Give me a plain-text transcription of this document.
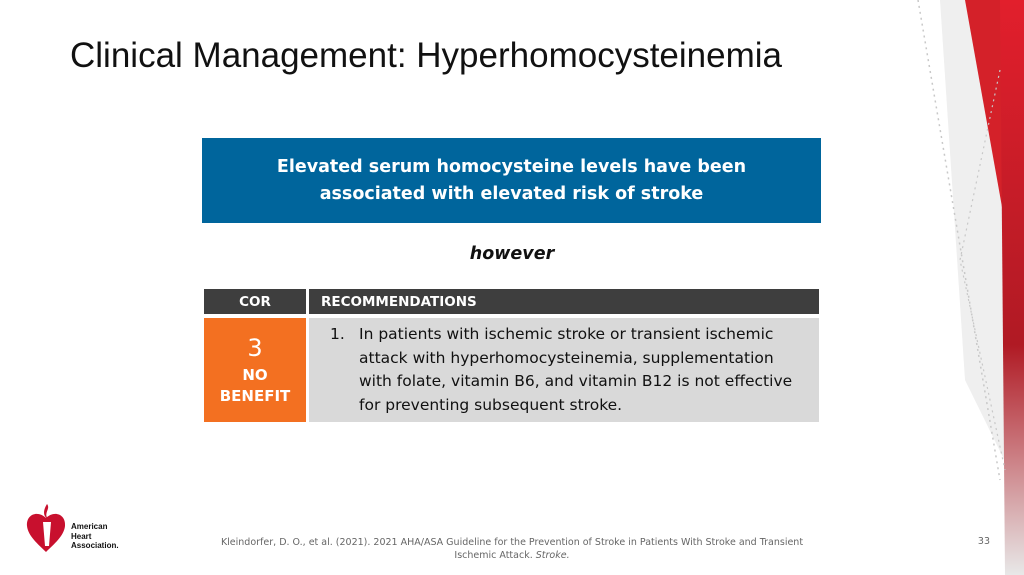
Clinical Management: Hyperhomocysteinemia
Elevated serum homocysteine levels have been
associated with elevated risk of stroke
however
COR	RECOMMENDATIONS
3
NO
BENEFIT
1. In patients with ischemic stroke or transient ischemic attack with hyperhomocysteinemia, supplementation with folate, vitamin B6, and vitamin B12 is not effective for preventing subsequent stroke.
American
Heart
Association.	Kleindorfer, D. O., et al. (2021). 2021 AHA/ASA Guideline for the Prevention of Stroke in Patients With Stroke and Transient Ischemic Attack. Stroke.
33
